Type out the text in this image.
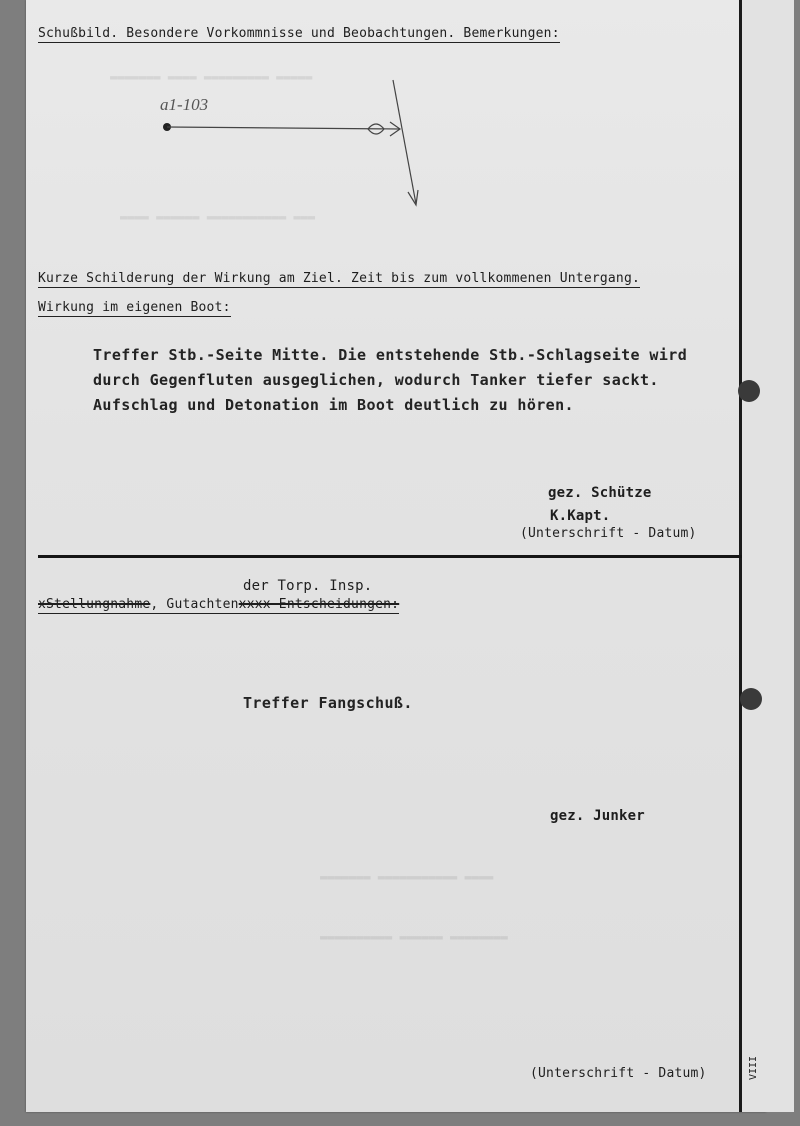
▬▬▬▬▬▬▬ ▬▬▬▬ ▬▬▬▬▬▬▬▬▬ ▬▬▬▬▬
▬▬▬▬ ▬▬▬▬▬▬ ▬▬▬▬▬▬▬▬▬▬▬ ▬▬▬
▬▬▬▬▬▬▬ ▬▬▬▬▬▬▬▬▬▬▬ ▬▬▬▬
▬▬▬▬▬▬▬▬▬▬ ▬▬▬▬▬▬ ▬▬▬▬▬▬▬▬
Schußbild. Besondere Vorkommnisse und Beobachtungen. Bemerkungen:
a1-103
Kurze Schilderung der Wirkung am Ziel. Zeit bis zum vollkommenen Untergang.
Wirkung im eigenen Boot:
Treffer Stb.-Seite Mitte. Die entstehende Stb.-Schlagseite wird
durch Gegenfluten ausgeglichen, wodurch Tanker tiefer sackt.
Aufschlag und Detonation im Boot deutlich zu hören.
gez. Schütze
K.Kapt.
(Unterschrift - Datum)
der Torp. Insp.
xStellungnahme, Gutachtenxxxx Entscheidungen:
Treffer Fangschuß.
gez. Junker
(Unterschrift - Datum)	VIII
